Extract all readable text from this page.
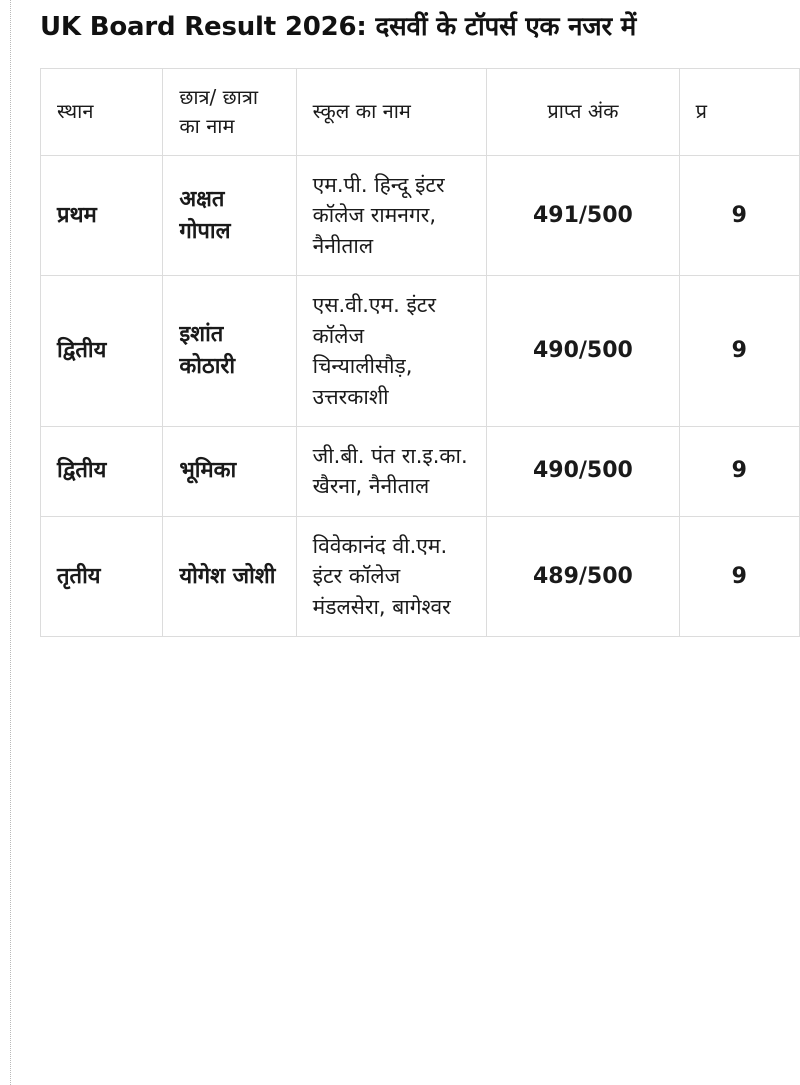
UK Board Result 2026: दसवीं के टॉपर्स एक नजर में
स्थान	छात्र/ छात्रा का नाम	स्कूल का नाम	प्राप्त अंक	प्र
प्रथम	अक्षत गोपाल	एम.पी. हिन्दू इंटर कॉलेज रामनगर, नैनीताल	491/500	9
द्वितीय	इशांत कोठारी	एस.वी.एम. इंटर कॉलेज चिन्यालीसौड़, उत्तरकाशी	490/500	9
द्वितीय	भूमिका	जी.बी. पंत रा.इ.का. खैरना, नैनीताल	490/500	9
तृतीय	योगेश जोशी	विवेकानंद वी.एम. इंटर कॉलेज मंडलसेरा, बागेश्वर	489/500	9
